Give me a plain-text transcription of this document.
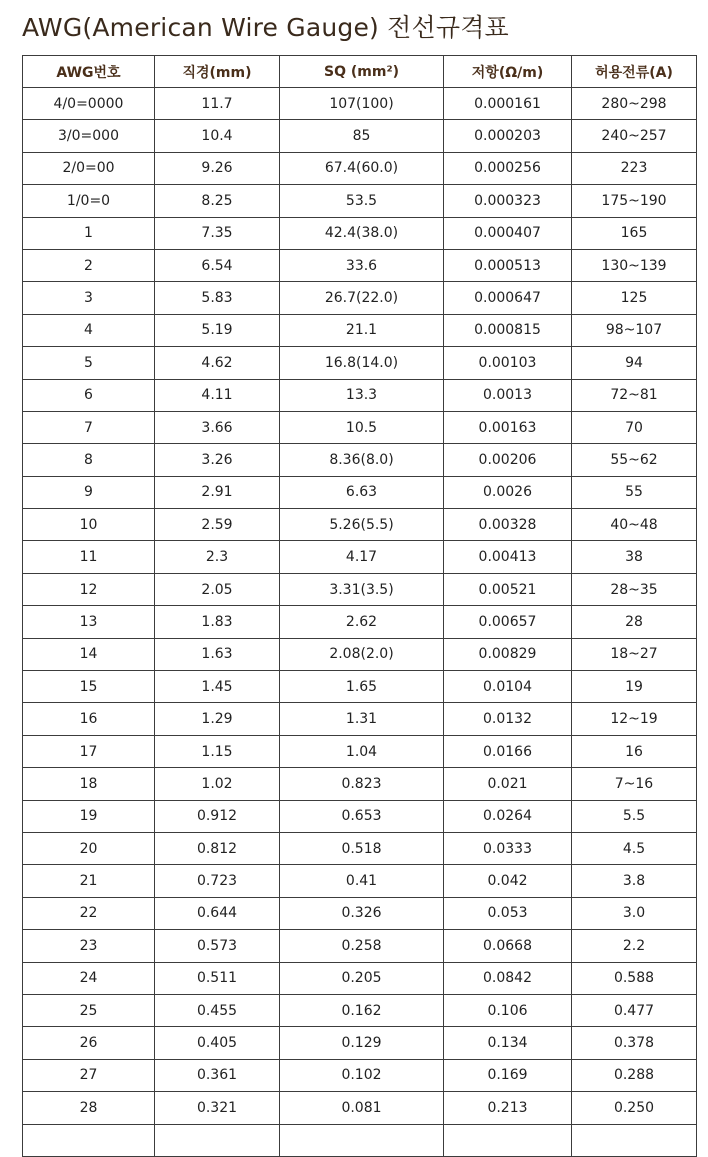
AWG(American Wire Gauge) 전선규격표
AWG번호	직경(mm)	SQ (mm²)	저항(Ω/m)	허용전류(A)
4/0=0000	11.7	107(100)	0.000161	280~298
3/0=000	10.4	85	0.000203	240~257
2/0=00	9.26	67.4(60.0)	0.000256	223
1/0=0	8.25	53.5	0.000323	175~190
1	7.35	42.4(38.0)	0.000407	165
2	6.54	33.6	0.000513	130~139
3	5.83	26.7(22.0)	0.000647	125
4	5.19	21.1	0.000815	98~107
5	4.62	16.8(14.0)	0.00103	94
6	4.11	13.3	0.0013	72~81
7	3.66	10.5	0.00163	70
8	3.26	8.36(8.0)	0.00206	55~62
9	2.91	6.63	0.0026	55
10	2.59	5.26(5.5)	0.00328	40~48
11	2.3	4.17	0.00413	38
12	2.05	3.31(3.5)	0.00521	28~35
13	1.83	2.62	0.00657	28
14	1.63	2.08(2.0)	0.00829	18~27
15	1.45	1.65	0.0104	19
16	1.29	1.31	0.0132	12~19
17	1.15	1.04	0.0166	16
18	1.02	0.823	0.021	7~16
19	0.912	0.653	0.0264	5.5
20	0.812	0.518	0.0333	4.5
21	0.723	0.41	0.042	3.8
22	0.644	0.326	0.053	3.0
23	0.573	0.258	0.0668	2.2
24	0.511	0.205	0.0842	0.588
25	0.455	0.162	0.106	0.477
26	0.405	0.129	0.134	0.378
27	0.361	0.102	0.169	0.288
28	0.321	0.081	0.213	0.250
